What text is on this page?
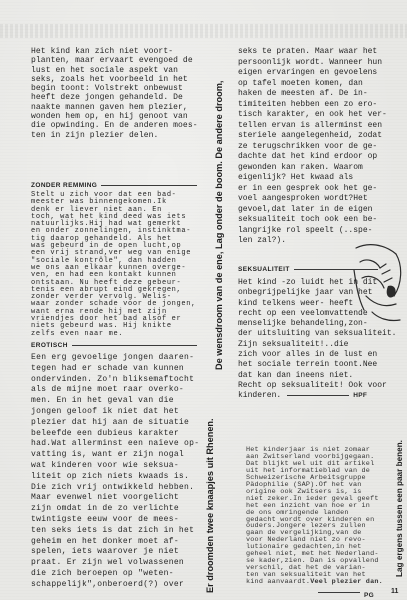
Het kind kan zich niet voort-
planten, maar ervaart evengoed de
lust en het sociale aspekt van
seks, zoals het voorbeeld in het
begin toont: Volstrekt onbewust
heeft deze jongen gehandeld. De
naakte mannen gaven hem plezier,
wonden hem op, en hij genoot van
die opwinding. En de anderen moes-
ten in zijn plezier delen.
ZONDER REMMING
Stelt u zich voor dat een bad-
meester was binnengekomen.Ik
denk er liever niet aan. En
toch, wat het kind deed was iets
natuurlijks.Hij had wat gemerkt
en onder zonnelingen, instinktma-
tig daarop gehandeld. Als het
was gebeurd in de open lucht,op
een vrij strand,ver weg van enige
"sociale kontrôle", dan hadden
we ons aan elkaar kunnen overge-
ven, en had een kontakt kunnen
ontstaan. Nu heeft deze gebeur-
tenis een abrupt eind gekregen,
zonder verder vervolg. Welis-
waar zonder schade voor de jongen,
want erna rende hij met zijn
vriendjes door het bad alsof er
niets gebeurd was. Hij knikte
zelfs even naar me.
EROTISCH
Een erg gevoelige jongen daaren-
tegen had er schade van kunnen
ondervinden. Zo'n bliksemaftocht
als de mijne moet raar overko-
men. En in het geval van die
jongen geloof ik niet dat het
plezier dat hij aan de situatie
beleefde een dubieus karakter
had.Wat allerminst een naïeve op-
vatting is, want er zijn nogal
wat kinderen voor wie seksua-
liteit op zich niets kwaads is.
Die zich vrij ontwikkeld hebben.
Maar evenwel niet voorgelicht
zijn omdat in de zo verlichte
twintigste eeuw voor de mees-
ten seks iets is dat zich in het
geheim en het donker moet af-
spelen, iets waarover je niet
praat. Er zijn wel volwassenen
die zich beroepen op "weten-
schappelijk",onberoerd(?) over
De wensdroom van de ene, Lag onder de boom. De andere droom,
Er droomden twee knaapjes uit Rhenen.	Lag ergens tussen een paar benen.
seks te praten. Maar waar het
persoonlijk wordt. Wanneer hun
eigen ervaringen en gevoelens
op tafel moeten komen, dan
haken de meesten af. De in-
timiteiten hebben een zo ero-
tisch karakter, en ook het ver-
tellen ervan is allerminst een
steriele aangelegenheid, zodat
ze terugschrikken voor de ge-
dachte dat het kind erdoor op
gewonden kan raken. Waarom
eigenlijk? Het kwaad als
er in een gesprek ook het ge-
voel aangesproken wordt?Het
gevoel,dat later in de eigen
seksualiteit toch ook een be-
langrijke rol speelt (..spe-
len zal?).
SEKSUALITEIT
Het kind -zo luidt het in dit
onbegrijpelijke jaar van het
kind telkens weer- heeft
recht op een veelomvattende
menselijke behandeling,zon-
der uitsluiting van seksualiteit.
Zijn seksualiteit!..die
zich voor alles in de lust en
het sociale terrein toont.Nee
dat kan dan ineens niet.
Recht op seksualiteit! Ook voor
kinderen.	HPF
Het kinderjaar is niet zomaar
aan Zwitserland voorbijgegaan.
Dat blijkt wel uit dit artikel
uit het informatieblad van de
Schweizerische Arbeitsgruppe
Pädophilie (SAP).Of het van
origine ook Zwitsers is, is
niet zeker.In ieder geval geeft
het een inzicht van hoe er in
de ons omringende landen
gedacht wordt over kinderen en
ouders.Jongere lezers zullen
gaan de vergelijking,van de
voor Nederland niet zo revo-
lutionaire gedachten,in het
geheel niet, met het Nederland-
se kader,zien. Dan is opvallend
verschil, dat het de varian-
ten van seksualiteit van het
kind aanvaardt.Veel plezier dan.
PG
11
